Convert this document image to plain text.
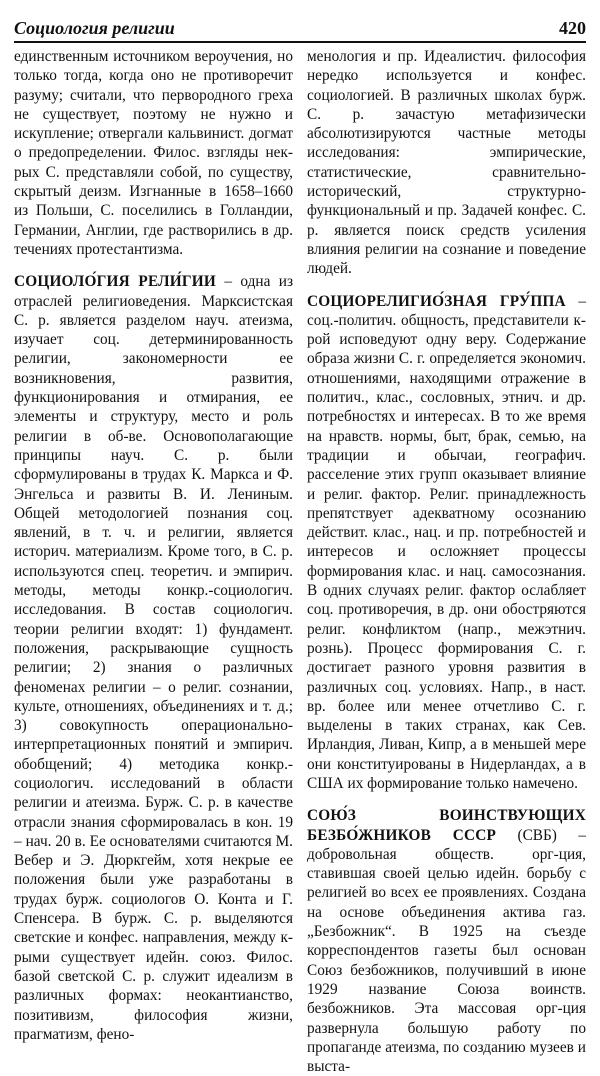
Социология религии	420

единственным источником вероучения, но только тогда, когда оно не противоречит разуму; считали, что первородного греха не существует, поэтому не нужно и искупление; отвергали кальвинист. догмат о предопределении. Филос. взгляды нек-рых С. представляли собой, по существу, скрытый деизм. Изгнанные в 1658–1660 из Польши, С. поселились в Голландии, Германии, Англии, где растворились в др. течениях протестантизма.

СОЦИОЛО́ГИЯ РЕЛИ́ГИИ – одна из отраслей религиоведения. Марксистская С. р. является разделом науч. атеизма, изучает соц. детерминированность религии, закономерности ее возникновения, развития, функционирования и отмирания, ее элементы и структуру, место и роль религии в об-ве. Основополагающие принципы науч. С. р. были сформулированы в трудах К. Маркса и Ф. Энгельса и развиты В. И. Лениным. Общей методологией познания соц. явлений, в т. ч. и религии, является историч. материализм. Кроме того, в С. р. используются спец. теоретич. и эмпирич. методы, методы конкр.-социологич. исследования. В состав социологич. теории религии входят: 1) фундамент. положения, раскрывающие сущность религии; 2) знания о различных феноменах религии – о религ. сознании, культе, отношениях, объединениях и т. д.; 3) совокупность операционально-интерпретационных понятий и эмпирич. обобщений; 4) методика конкр.-социологич. исследований в области религии и атеизма. Бурж. С. р. в качестве отрасли знания сформировалась в кон. 19 – нач. 20 в. Ее основателями считаются М. Вебер и Э. Дюркгейм, хотя некрые ее положения были уже разработаны в трудах бурж. социологов О. Конта и Г. Спенсера. В бурж. С. р. выделяются светские и конфес. направления, между к-рыми существует идейн. союз. Филос. базой светской С. р. служит идеализм в различных формах: неокантианство, позитивизм, философия жизни, прагматизм, фено-

менология и пр. Идеалистич. философия нередко используется и конфес. социологией. В различных школах бурж. С. р. зачастую метафизически абсолютизируются частные методы исследования: эмпирические, статистические, сравнительно-исторический, структурно-функциональный и пр. Задачей конфес. С. р. является поиск средств усиления влияния религии на сознание и поведение людей.

СОЦИОРЕЛИГИО́ЗНАЯ ГРУ́ППА – соц.-политич. общность, представители к-рой исповедуют одну веру. Содержание образа жизни С. г. определяется экономич. отношениями, находящими отражение в политич., клас., сословных, этнич. и др. потребностях и интересах. В то же время на нравств. нормы, быт, брак, семью, на традиции и обычаи, географич. расселение этих групп оказывает влияние и религ. фактор. Религ. принадлежность препятствует адекватному осознанию действит. клас., нац. и пр. потребностей и интересов и осложняет процессы формирования клас. и нац. самосознания. В одних случаях религ. фактор ослабляет соц. противоречия, в др. они обостряются религ. конфликтом (напр., межэтнич. рознь). Процесс формирования С. г. достигает разного уровня развития в различных соц. условиях. Напр., в наст. вр. более или менее отчетливо С. г. выделены в таких странах, как Сев. Ирландия, Ливан, Кипр, а в меньшей мере они конституированы в Нидерландах, а в США их формирование только намечено.

СОЮ́З ВОИНСТВУЮЩИХ БЕЗБО́ЖНИКОВ СССР (СВБ) – добровольная обществ. орг-ция, ставившая своей целью идейн. борьбу с религией во всех ее проявлениях. Создана на основе объединения актива газ. „Безбожник“. В 1925 на съезде корреспондентов газеты был основан Союз безбожников, получивший в июне 1929 название Союза воинств. безбожников. Эта массовая орг-ция развернула большую работу по пропаганде атеизма, по созданию музеев и выста-
